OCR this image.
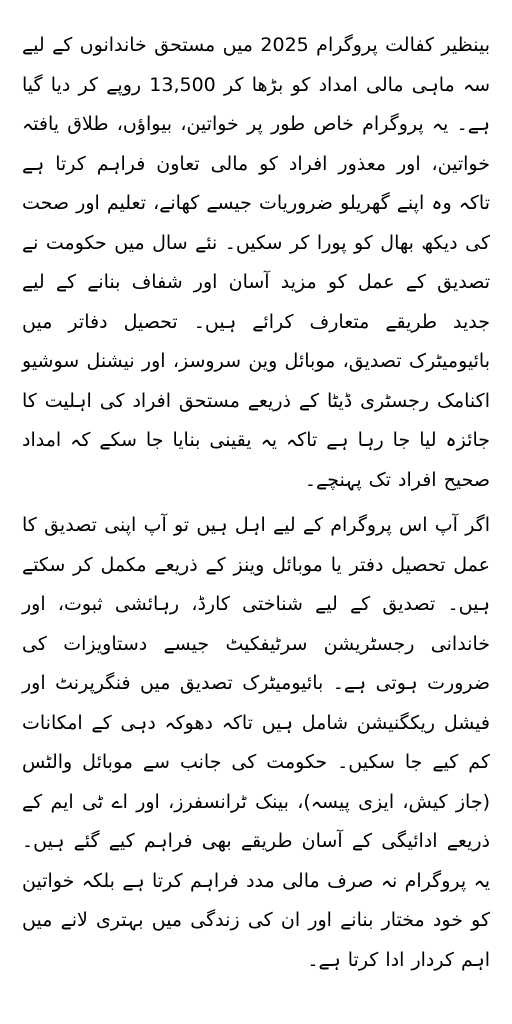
بینظیر کفالت پروگرام 2025 میں مستحق خاندانوں کے لیے سہ ماہی مالی امداد کو بڑھا کر 13,500 روپے کر دیا گیا ہے۔ یہ پروگرام خاص طور پر خواتین، بیواؤں، طلاق یافتہ خواتین، اور معذور افراد کو مالی تعاون فراہم کرتا ہے تاکہ وہ اپنے گھریلو ضروریات جیسے کھانے، تعلیم اور صحت کی دیکھ بھال کو پورا کر سکیں۔ نئے سال میں حکومت نے تصدیق کے عمل کو مزید آسان اور شفاف بنانے کے لیے جدید طریقے متعارف کرائے ہیں۔ تحصیل دفاتر میں بائیومیٹرک تصدیق، موبائل وین سروسز، اور نیشنل سوشیو اکنامک رجسٹری ڈیٹا کے ذریعے مستحق افراد کی اہلیت کا جائزہ لیا جا رہا ہے تاکہ یہ یقینی بنایا جا سکے کہ امداد صحیح افراد تک پہنچے۔

اگر آپ اس پروگرام کے لیے اہل ہیں تو آپ اپنی تصدیق کا عمل تحصیل دفتر یا موبائل وینز کے ذریعے مکمل کر سکتے ہیں۔ تصدیق کے لیے شناختی کارڈ، رہائشی ثبوت، اور خاندانی رجسٹریشن سرٹیفکیٹ جیسے دستاویزات کی ضرورت ہوتی ہے۔ بائیومیٹرک تصدیق میں فنگرپرنٹ اور فیشل ریکگنیشن شامل ہیں تاکہ دھوکہ دہی کے امکانات کم کیے جا سکیں۔ حکومت کی جانب سے موبائل والٹس (جاز کیش، ایزی پیسہ)، بینک ٹرانسفرز، اور اے ٹی ایم کے ذریعے ادائیگی کے آسان طریقے بھی فراہم کیے گئے ہیں۔ یہ پروگرام نہ صرف مالی مدد فراہم کرتا ہے بلکہ خواتین کو خود مختار بنانے اور ان کی زندگی میں بہتری لانے میں اہم کردار ادا کرتا ہے۔
